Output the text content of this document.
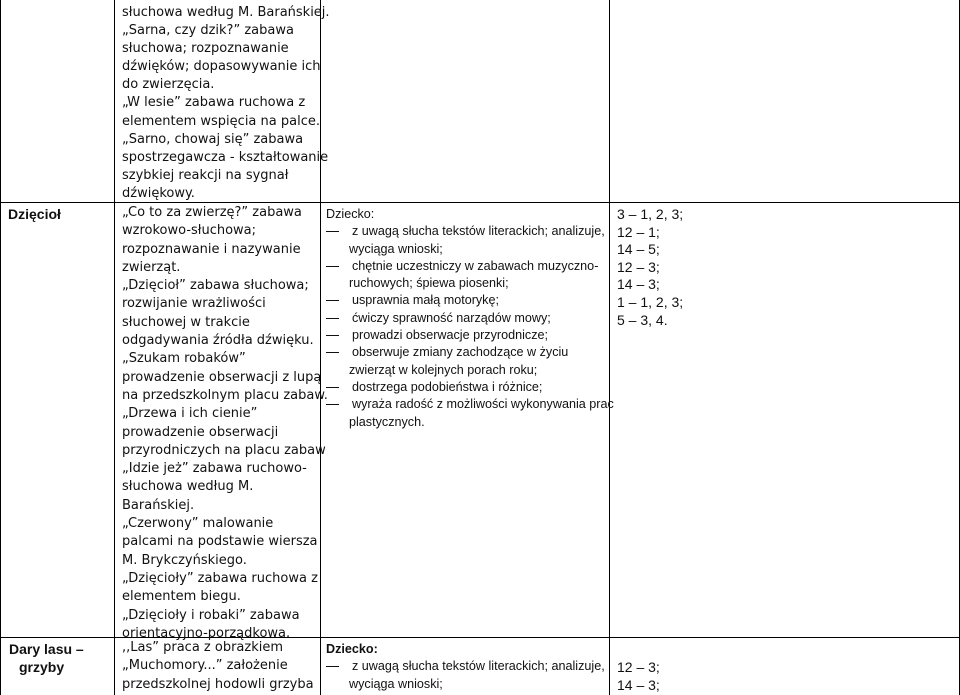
słuchowa według M. Barańskiej.
„Sarna, czy dzik?” zabawa
słuchowa; rozpoznawanie
dźwięków; dopasowywanie ich
do zwierzęcia.
„W lesie” zabawa ruchowa z
elementem wspięcia na palce.
„Sarno, chowaj się” zabawa
spostrzegawcza - kształtowanie
szybkiej reakcji na sygnał
dźwiękowy.
Dzięcioł	„Co to za zwierzę?” zabawa
wzrokowo-słuchowa;
rozpoznawanie i nazywanie
zwierząt.
„Dzięcioł” zabawa słuchowa;
rozwijanie wrażliwości
słuchowej w trakcie
odgadywania źródła dźwięku.
„Szukam robaków”
prowadzenie obserwacji z lupą
na przedszkolnym placu zabaw.
„Drzewa i ich cienie”
prowadzenie obserwacji
przyrodniczych na placu zabaw
„Idzie jeż” zabawa ruchowo-
słuchowa według M.
Barańskiej.
„Czerwony” malowanie
palcami na podstawie wiersza
M. Brykczyńskiego.
„Dzięcioły” zabawa ruchowa z
elementem biegu.
„Dzięcioły i robaki” zabawa
orientacyjno-porządkowa.
Dziecko:
z uwagą słucha tekstów literackich; analizuje,
wyciąga wnioski;
chętnie uczestniczy w zabawach muzyczno-
ruchowych; śpiewa piosenki;
usprawnia małą motorykę;
ćwiczy sprawność narządów mowy;
prowadzi obserwacje przyrodnicze;
obserwuje zmiany zachodzące w życiu
zwierząt w kolejnych porach roku;
dostrzega podobieństwa i różnice;
wyraża radość z możliwości wykonywania prac
plastycznych.
3 – 1, 2, 3;
12 – 1;
14 – 5;
12 – 3;
14 – 3;
1 – 1, 2, 3;
5 – 3, 4.
Dary lasu –
grzyby
,,Las” praca z obrazkiem
„Muchomory...” założenie
przedszkolnej hodowli grzyba
Dziecko:
z uwagą słucha tekstów literackich; analizuje,
wyciąga wnioski;
12 – 3;
14 – 3;
